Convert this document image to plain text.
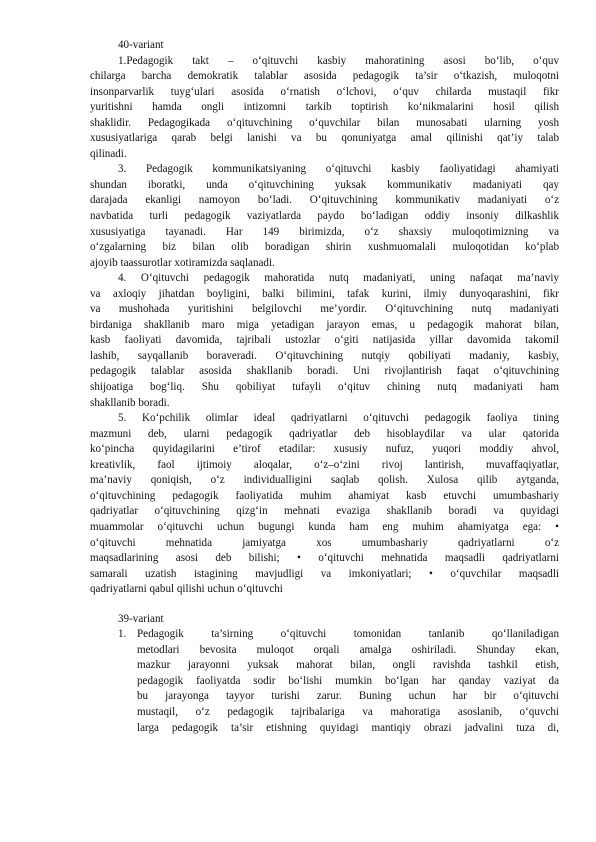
40-variant
1.Pedagogik takt – o‘qituvchi kasbiy mahoratining asosi bo‘lib, o‘quv
chilarga barcha demokratik talablar asosida pedagogik ta’sir o‘tkazish, muloqotni
insonparvarlik tuyg‘ulari asosida o‘rnatish o‘lchovi, o‘quv chilarda mustaqil fikr
yuritishni hamda ongli intizomni tarkib toptirish ko‘nikmalarini hosil qilish
shaklidir. Pedagogikada o‘qituvchining o‘quvchilar bilan munosabati ularning yosh
xususiyatlariga qarab belgi lanishi va bu qonuniyatga amal qilinishi qat’iy talab
qilinadi.
3. Pedagogik kommunikatsiyaning o‘qituvchi kasbiy faoliyatidagi ahamiyati
shundan iboratki, unda o‘qituvchining yuksak kommunikativ madaniyati qay
darajada ekanligi namoyon bo‘ladi. O‘qituvchining kommunikativ madaniyati o‘z
navbatida turli pedagogik vaziyatlarda paydo bo‘ladigan oddiy insoniy dilkashlik
xususiyatiga tayanadi. Har 149 birimizda, o‘z shaxsiy muloqotimizning va
o‘zgalarning biz bilan olib boradigan shirin xushmuomalali muloqotidan ko‘plab
ajoyib taassurotlar xotiramizda saqlanadi.
4. O‘qituvchi pedagogik mahoratida nutq madaniyati, uning nafaqat ma’naviy
va axloqiy jihatdan boyligini, balki bilimini, tafak kurini, ilmiy dunyoqarashini, fikr
va mushohada yuritishini belgilovchi me’yordir. O‘qituvchining nutq madaniyati
birdaniga shakllanib maro miga yetadigan jarayon emas, u pedagogik mahorat bilan,
kasb faoliyati davomida, tajribali ustozlar o‘giti natijasida yillar davomida takomil
lashib, sayqallanib boraveradi. O‘qituvchining nutqiy qobiliyati madaniy, kasbiy,
pedagogik talablar asosida shakllanib boradi. Uni rivojlantirish faqat o‘qituvchining
shijoatiga bog‘liq. Shu qobiliyat tufayli o‘qituv chining nutq madaniyati ham
shakllanib boradi.
5. Ko‘pchilik olimlar ideal qadriyatlarni o‘qituvchi pedagogik faoliya tining
mazmuni deb, ularni pedagogik qadriyatlar deb hisoblaydilar va ular qatorida
ko‘pincha quyidagilarini e’tirof etadilar: xususiy nufuz, yuqori moddiy ahvol,
kreativlik, faol ijtimoiy aloqalar, o‘z–o‘zini rivoj lantirish, muvaffaqiyatlar,
ma’naviy qoniqish, o‘z individualligini saqlab qolish. Xulosa qilib aytganda,
o‘qituvchining pedagogik faoliyatida muhim ahamiyat kasb etuvchi umumbashariy
qadriyatlar o‘qituvchining qizg‘in mehnati evaziga shakllanib boradi va quyidagi
muammolar o‘qituvchi uchun bugungi kunda ham eng muhim ahamiyatga ega: •
o‘qituvchi mehnatida jamiyatga xos umumbashariy qadriyatlarni o‘z
maqsadlarining asosi deb bilishi; • o‘qituvchi mehnatida maqsadli qadriyatlarni
samarali uzatish istagining mavjudligi va imkoniyatlari; • o‘quvchilar maqsadli
qadriyatlarni qabul qilishi uchun o‘qituvchi
39-variant
1. Pedagogik ta’sirning o‘qituvchi tomonidan tanlanib qo‘llaniladigan
metodlari bevosita muloqot orqali amalga oshiriladi. Shunday ekan,
mazkur jarayonni yuksak mahorat bilan, ongli ravishda tashkil etish,
pedagogik faoliyatda sodir bo‘lishi mumkin bo‘lgan har qanday vaziyat da
bu jarayonga tayyor turishi zarur. Buning uchun har bir o‘qituvchi
mustaqil, o‘z pedagogik tajribalariga va mahoratiga asoslanib, o‘quvchi
larga pedagogik ta’sir etishning quyidagi mantiqiy obrazi jadvalini tuza di,
